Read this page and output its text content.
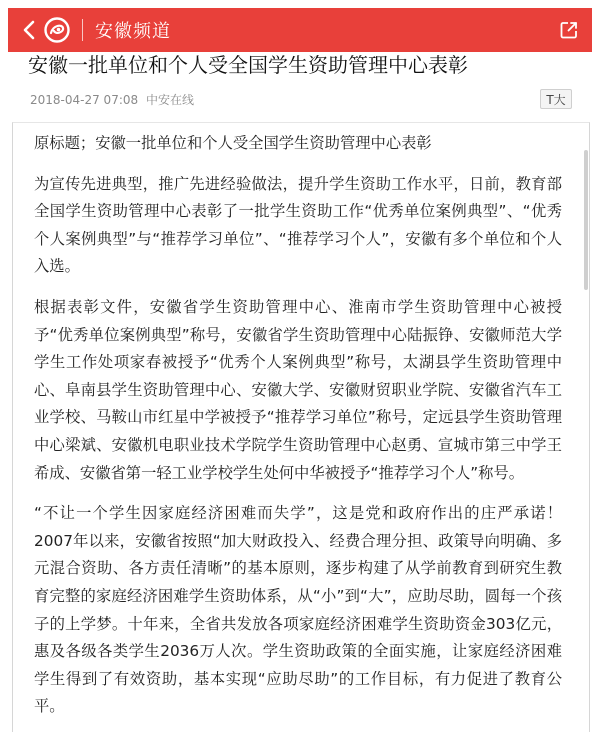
安徽频道
安徽一批单位和个人受全国学生资助管理中心表彰
2018-04-27 07:08 中安在线	T大

原标题；安徽一批单位和个人受全国学生资助管理中心表彰

为宣传先进典型，推广先进经验做法，提升学生资助工作水平，日前，教育部全国学生资助管理中心表彰了一批学生资助工作“优秀单位案例典型”、“优秀个人案例典型”与“推荐学习单位”、“推荐学习个人”，安徽有多个单位和个人入选。

根据表彰文件，安徽省学生资助管理中心、淮南市学生资助管理中心被授予“优秀单位案例典型”称号，安徽省学生资助管理中心陆振铮、安徽师范大学学生工作处项家春被授予“优秀个人案例典型”称号，太湖县学生资助管理中心、阜南县学生资助管理中心、安徽大学、安徽财贸职业学院、安徽省汽车工业学校、马鞍山市红星中学被授予“推荐学习单位”称号，定远县学生资助管理中心梁斌、安徽机电职业技术学院学生资助管理中心赵勇、宣城市第三中学王希成、安徽省第一轻工业学校学生处何中华被授予“推荐学习个人”称号。

“不让一个学生因家庭经济困难而失学”，这是党和政府作出的庄严承诺！2007年以来，安徽省按照“加大财政投入、经费合理分担、政策导向明确、多元混合资助、各方责任清晰”的基本原则，逐步构建了从学前教育到研究生教育完整的家庭经济困难学生资助体系，从“小”到“大”，应助尽助，圆每一个孩子的上学梦。十年来，全省共发放各项家庭经济困难学生资助资金303亿元，惠及各级各类学生2036万人次。学生资助政策的全面实施，让家庭经济困难学生得到了有效资助，基本实现“应助尽助”的工作目标，有力促进了教育公平。
